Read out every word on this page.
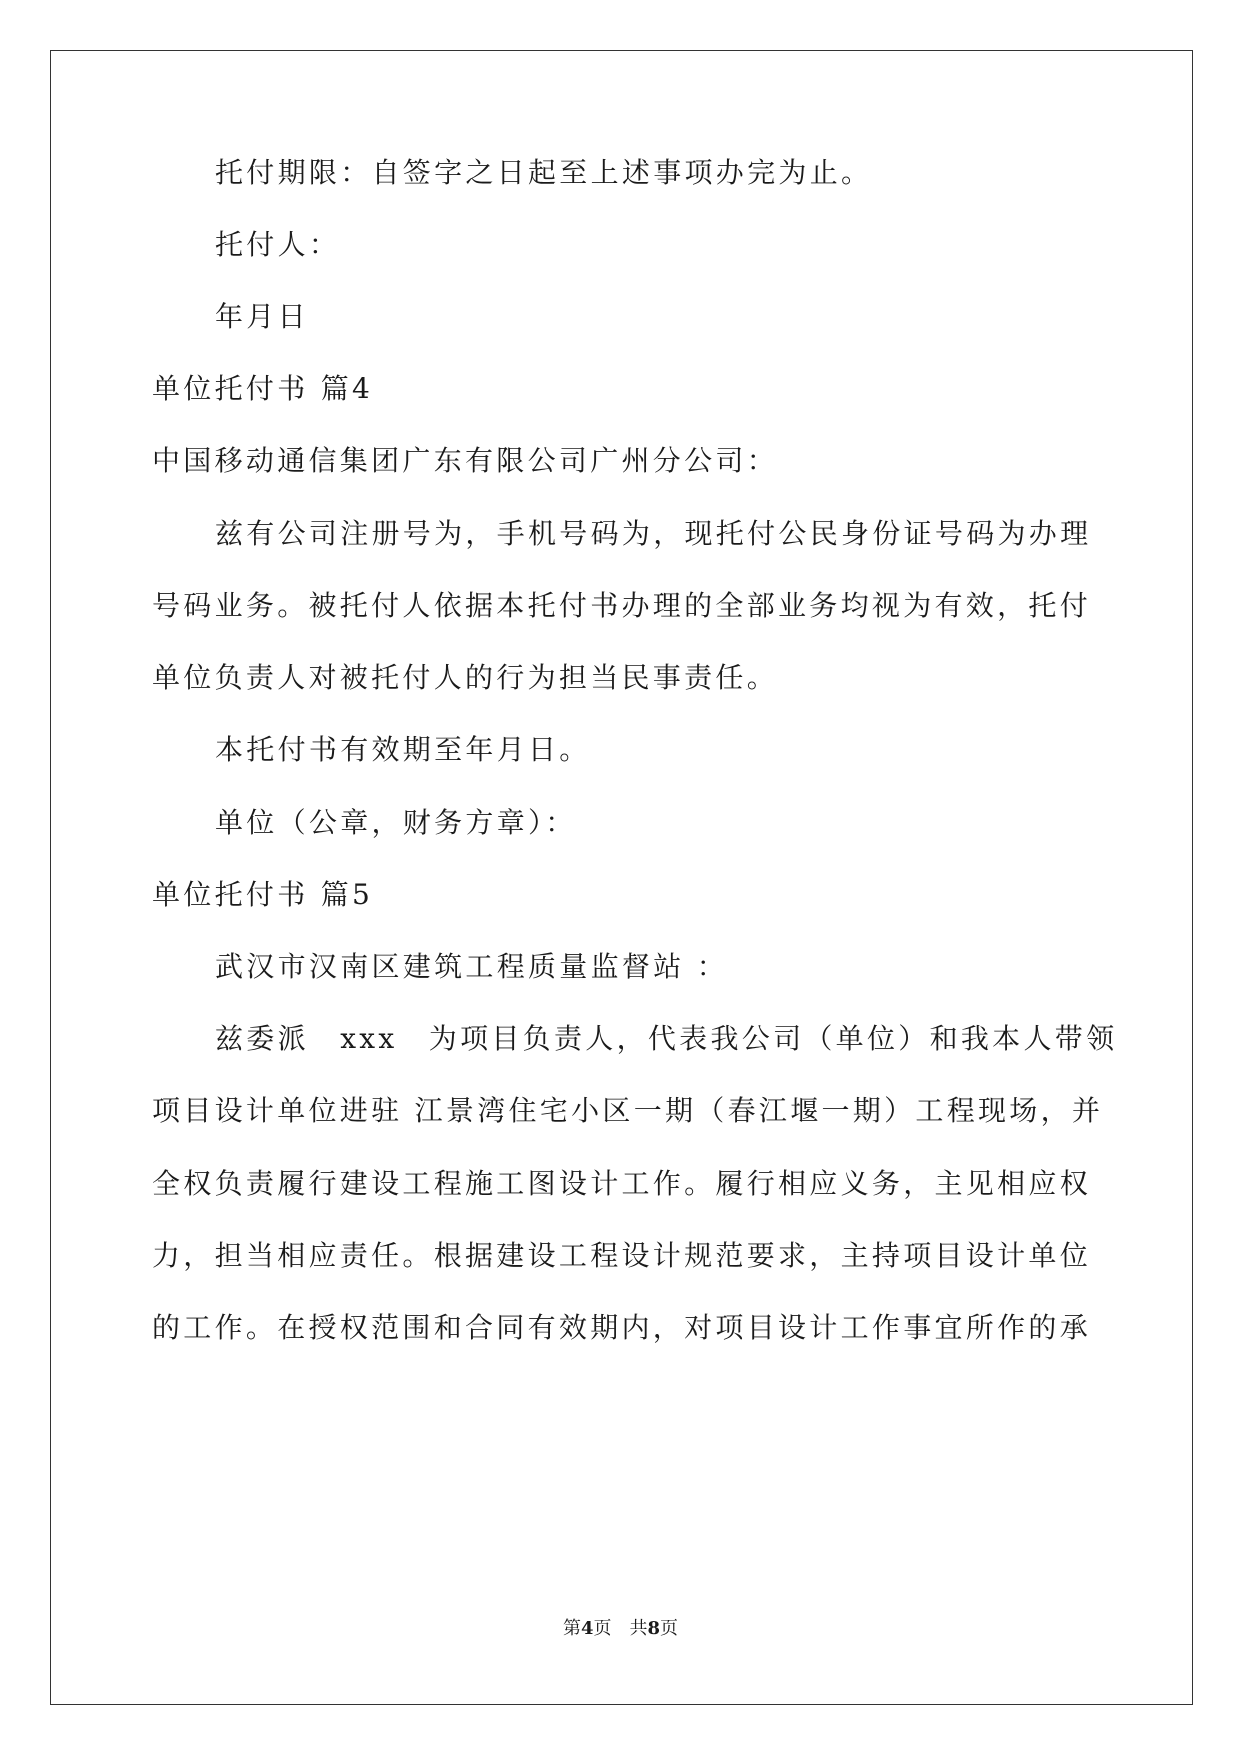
托付期限：自签字之日起至上述事项办完为止。
托付人：
年月日
单位托付书 篇4
中国移动通信集团广东有限公司广州分公司：
兹有公司注册号为，手机号码为，现托付公民身份证号码为办理
号码业务。被托付人依据本托付书办理的全部业务均视为有效，托付
单位负责人对被托付人的行为担当民事责任。
本托付书有效期至年月日。
单位（公章，财务方章）：
单位托付书 篇5
武汉市汉南区建筑工程质量监督站 ：
兹委派　xxx　为项目负责人，代表我公司（单位）和我本人带领
项目设计单位进驻 江景湾住宅小区一期（春江堰一期）工程现场，并
全权负责履行建设工程施工图设计工作。履行相应义务，主见相应权
力，担当相应责任。根据建设工程设计规范要求，主持项目设计单位
的工作。在授权范围和合同有效期内，对项目设计工作事宜所作的承
第4页 共8页
